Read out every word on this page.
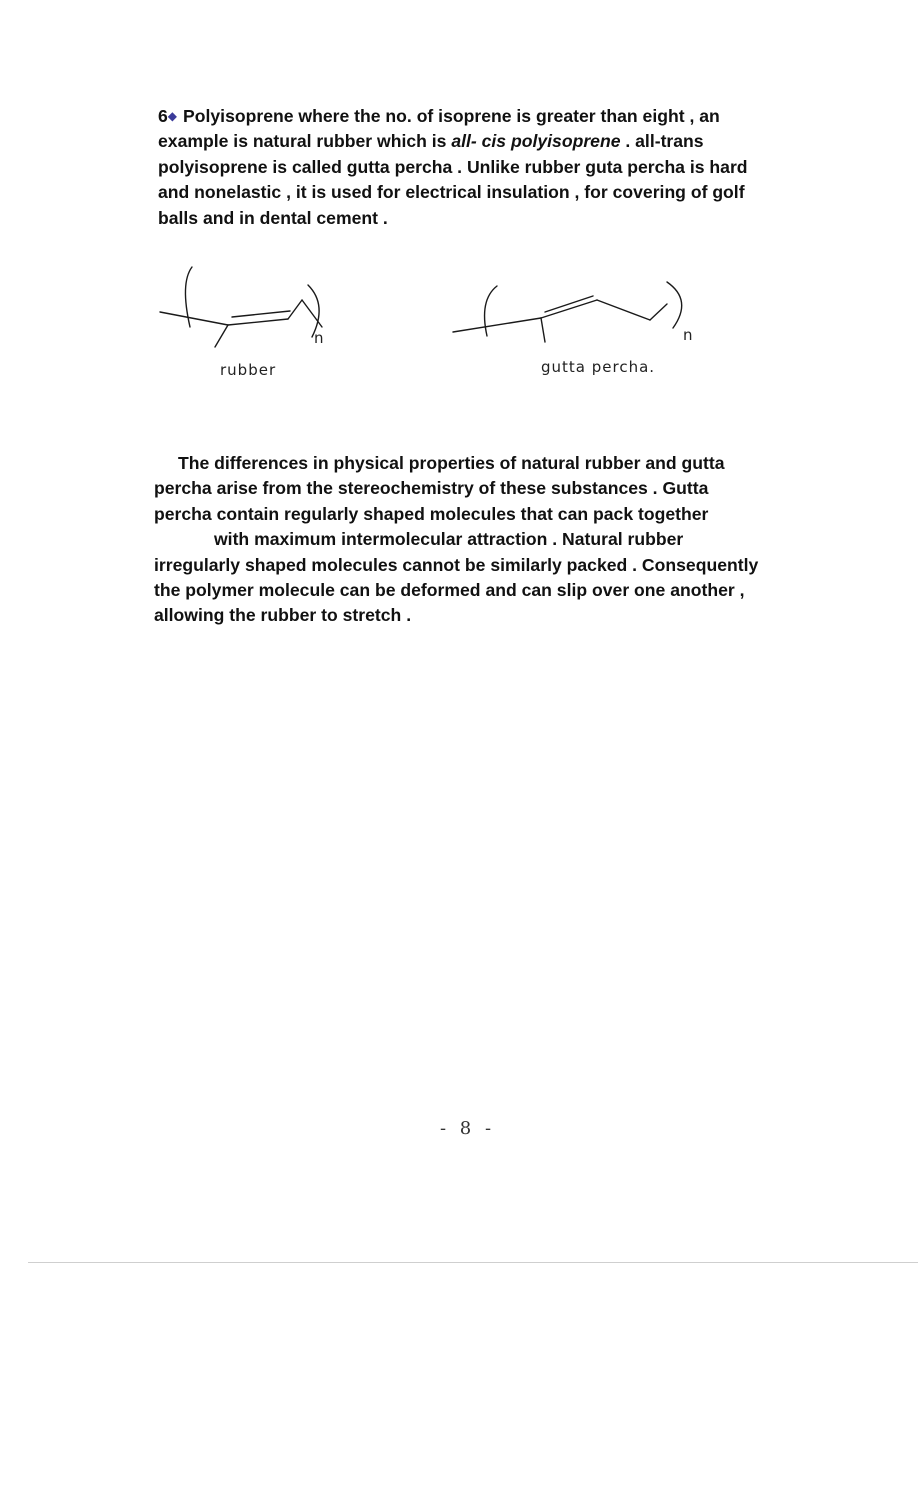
6◆ Polyisoprene where the no. of isoprene is greater than eight , an
example is natural rubber which is all- cis polyisoprene . all-trans
polyisoprene is called gutta percha . Unlike rubber guta percha is hard
and nonelastic , it is used for electrical insulation , for covering of golf
balls and in dental cement .
n
rubber
n
gutta percha.
The differences in physical properties of natural rubber and gutta
percha arise from the stereochemistry of these substances . Gutta
percha contain regularly shaped molecules that can pack together
with maximum intermolecular attraction . Natural rubber
irregularly shaped molecules cannot be similarly packed . Consequently
the polymer molecule can be deformed and can slip over one another ,
allowing the rubber to stretch .
- 8 -
